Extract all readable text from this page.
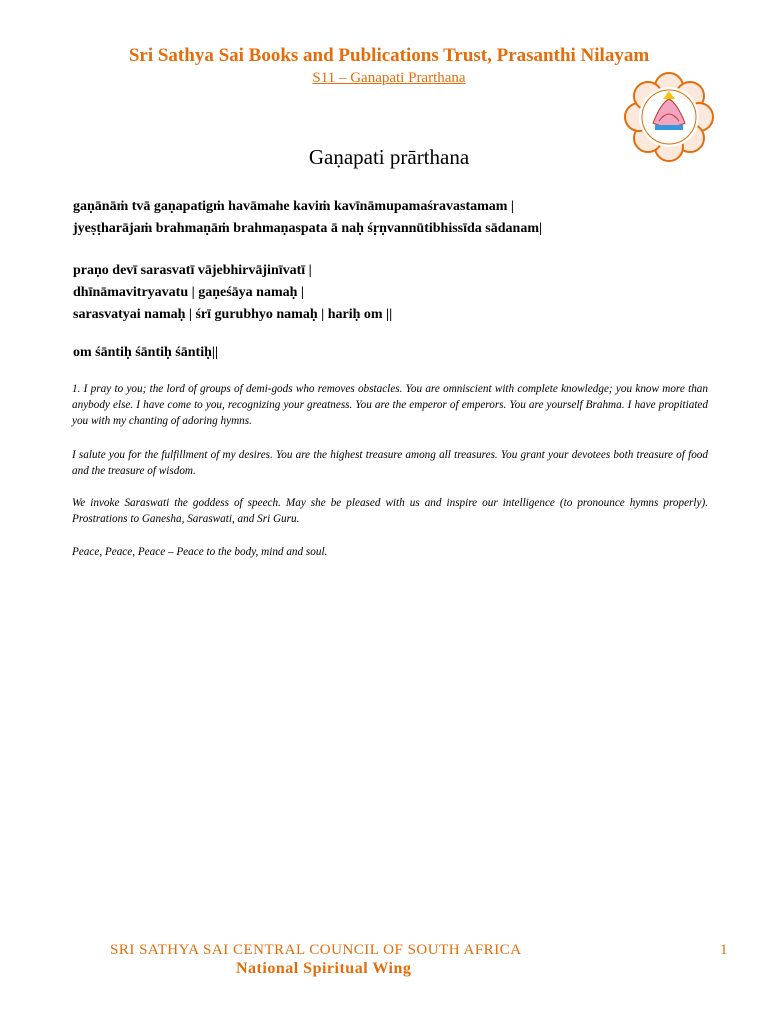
Sri Sathya Sai Books and Publications Trust, Prasanthi Nilayam
S11 – Ganapati Prarthana
Gaṇapati prārthana
gaṇānāṁ tvā gaṇapatigṁ havāmahe kaviṁ kavīnāmupamaśravastamam |
jyeṣṭharājaṁ brahmaṇāṁ brahmaṇaspata ā naḥ śṛṇvannūtibhissīda sādanam|
praṇo devī sarasvatī vājebhirvājinīvatī |
dhīnāmavitryavatu | gaṇeśāya namaḥ |
sarasvatyai namaḥ | śrī gurubhyo namaḥ | hariḥ om ||
om śāntiḥ śāntiḥ śāntiḥ||
1. I pray to you; the lord of groups of demi-gods who removes obstacles. You are omniscient with complete knowledge; you know more than anybody else. I have come to you, recognizing your greatness. You are the emperor of emperors. You are yourself Brahma. I have propitiated you with my chanting of adoring hymns.
I salute you for the fulfillment of my desires. You are the highest treasure among all treasures. You grant your devotees both treasure of food and the treasure of wisdom.
We invoke Saraswati the goddess of speech. May she be pleased with us and inspire our intelligence (to pronounce hymns properly). Prostrations to Ganesha, Saraswati, and Sri Guru.
Peace, Peace, Peace – Peace to the body, mind and soul.
SRI SATHYA SAI CENTRAL COUNCIL OF SOUTH AFRICA
National Spiritual Wing
1
